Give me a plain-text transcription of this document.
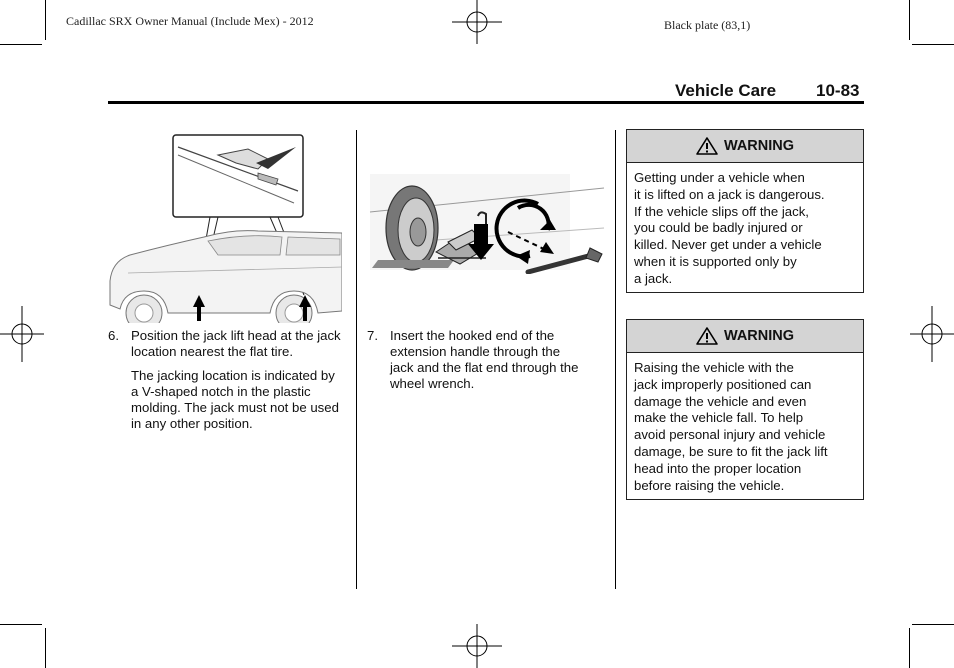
Cadillac SRX Owner Manual (Include Mex) - 2012	Black plate (83,1)
Vehicle Care 10-83
6. Position the jack lift head at the jack location nearest the flat tire.
The jacking location is indicated by a V-shaped notch in the plastic molding. The jack must not be used in any other position.
7. Insert the hooked end of the extension handle through the jack and the flat end through the wheel wrench.
WARNING
Getting under a vehicle when
it is lifted on a jack is dangerous.
If the vehicle slips off the jack,
you could be badly injured or
killed. Never get under a vehicle
when it is supported only by
a jack.
WARNING
Raising the vehicle with the
jack improperly positioned can
damage the vehicle and even
make the vehicle fall. To help
avoid personal injury and vehicle
damage, be sure to fit the jack lift
head into the proper location
before raising the vehicle.
